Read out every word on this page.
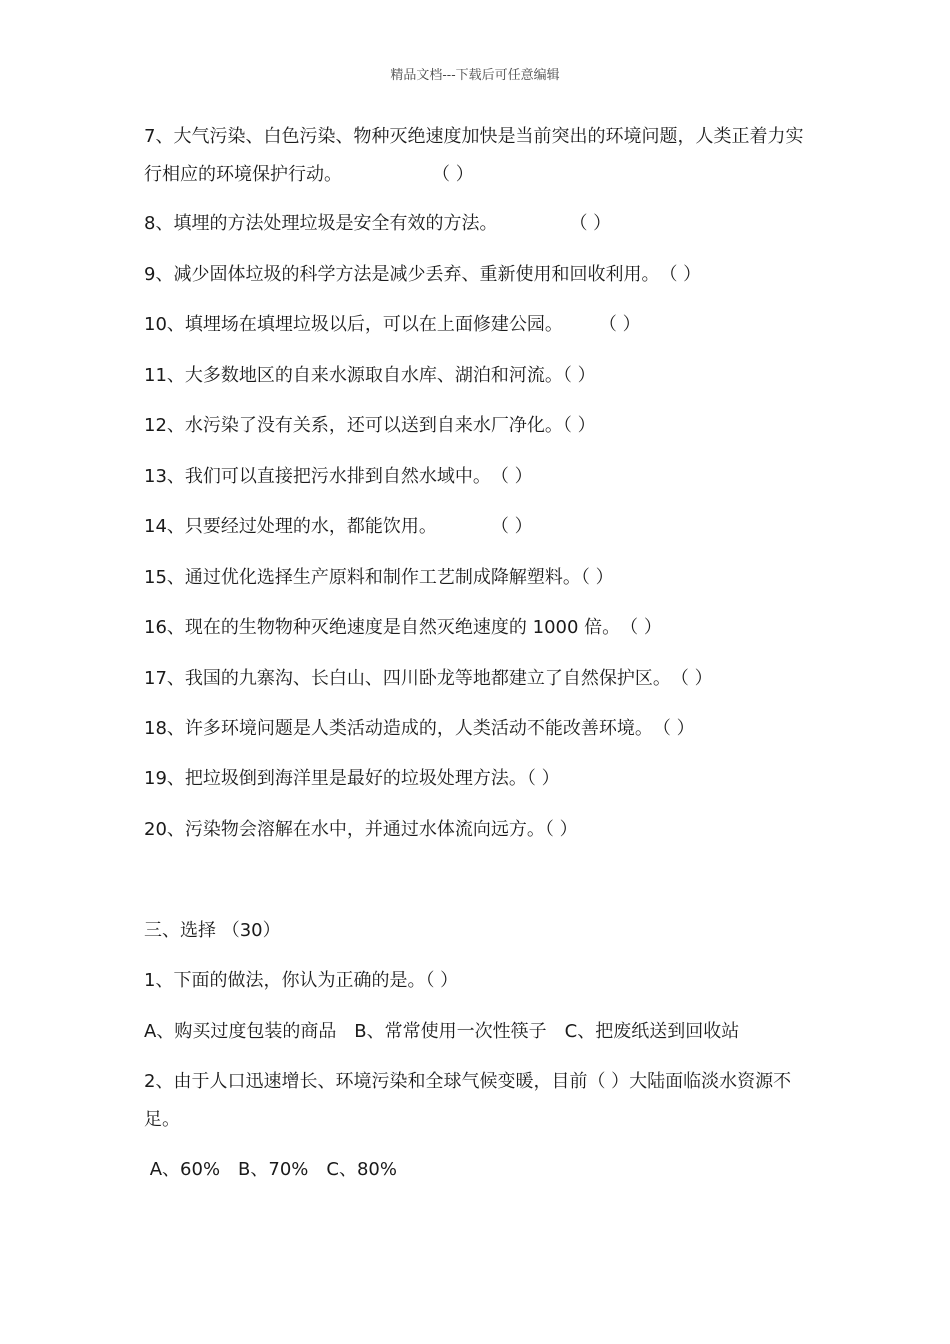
精品文档---下载后可任意编辑
7、大气污染、白色污染、物种灭绝速度加快是当前突出的环境问题，人类正着力实行相应的环境保护行动。　　　　　　（ ）
8、填埋的方法处理垃圾是安全有效的方法。　　　　　（ ）
9、减少固体垃圾的科学方法是减少丢弃、重新使用和回收利用。　（ ）
10、填埋场在填埋垃圾以后，可以在上面修建公园。　　　（ ）
11、大多数地区的自来水源取自水库、湖泊和河流。（ ）
12、水污染了没有关系，还可以送到自来水厂净化。（ ）
13、我们可以直接把污水排到自然水域中。　（ ）
14、只要经过处理的水，都能饮用。　　　　（ ）
15、通过优化选择生产原料和制作工艺制成降解塑料。（ ）
16、现在的生物物种灭绝速度是自然灭绝速度的 1000 倍。　（ ）
17、我国的九寨沟、长白山、四川卧龙等地都建立了自然保护区。　（ ）
18、许多环境问题是人类活动造成的，人类活动不能改善环境。　（ ）
19、把垃圾倒到海洋里是最好的垃圾处理方法。（ ）
20、污染物会溶解在水中，并通过水体流向远方。（ ）
三、选择 （30）
1、下面的做法，你认为正确的是。（ ）
A、购买过度包装的商品　B、常常使用一次性筷子　C、把废纸送到回收站
2、由于人口迅速增长、环境污染和全球气候变暖，目前（ ）大陆面临淡水资源不足。
A、60%　B、70%　C、80%
